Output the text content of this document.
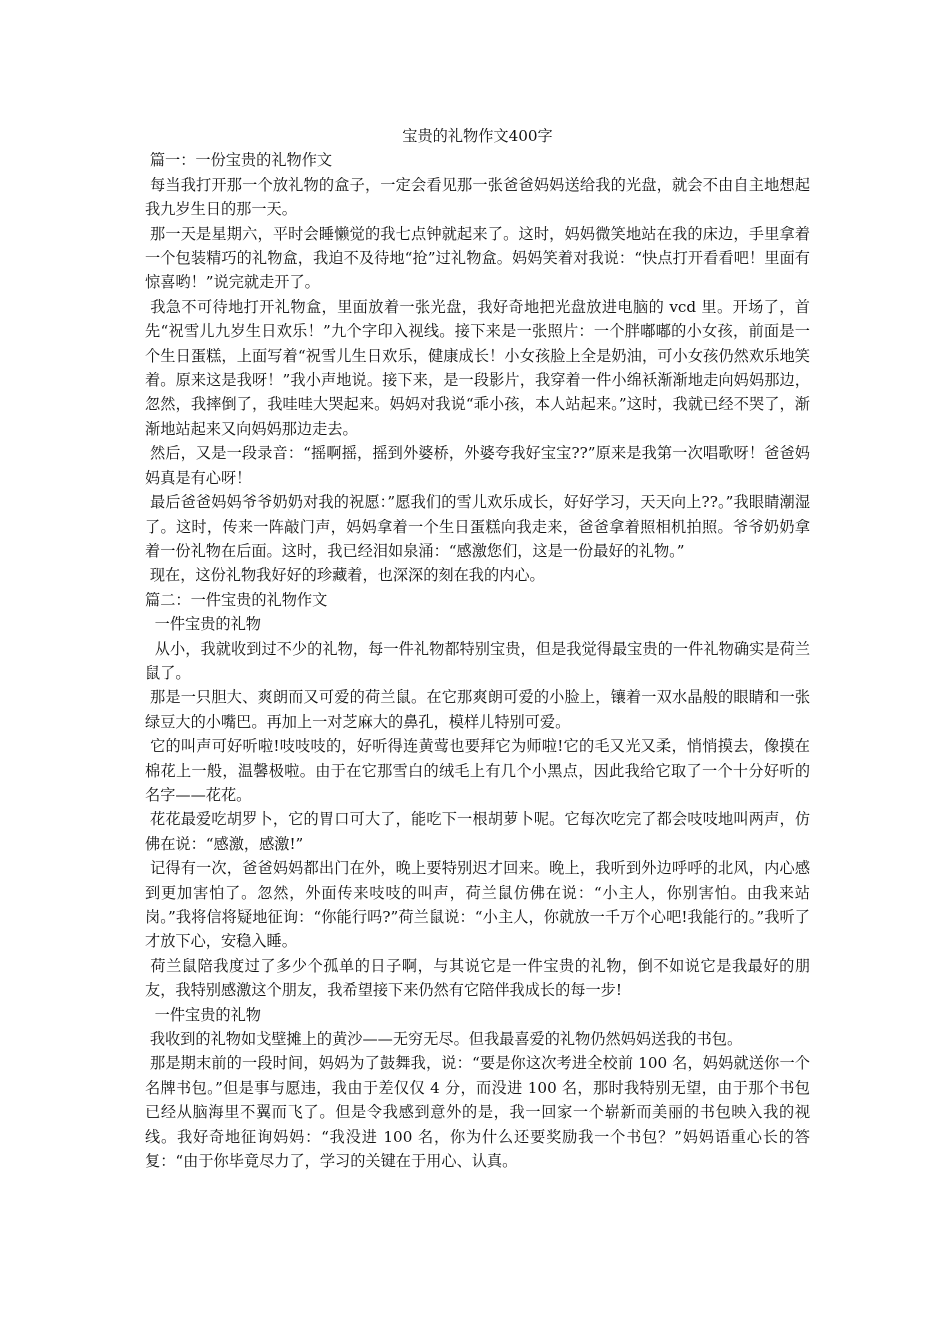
宝贵的礼物作文400字

篇一：一份宝贵的礼物作文

每当我打开那一个放礼物的盒子，一定会看见那一张爸爸妈妈送给我的光盘，就会不由自主地想起我九岁生日的那一天。

那一天是星期六，平时会睡懒觉的我七点钟就起来了。这时，妈妈微笑地站在我的床边，手里拿着一个包装精巧的礼物盒，我迫不及待地“抢”过礼物盒。妈妈笑着对我说：“快点打开看看吧！里面有惊喜哟！”说完就走开了。

我急不可待地打开礼物盒，里面放着一张光盘，我好奇地把光盘放进电脑的 vcd 里。开场了，首先“祝雪儿九岁生日欢乐！”九个字印入视线。接下来是一张照片：一个胖嘟嘟的小女孩，前面是一个生日蛋糕，上面写着“祝雪儿生日欢乐，健康成长！小女孩脸上全是奶油，可小女孩仍然欢乐地笑着。原来这是我呀！”我小声地说。接下来，是一段影片，我穿着一件小绵袄渐渐地走向妈妈那边，忽然，我摔倒了，我哇哇大哭起来。妈妈对我说“乖小孩，本人站起来。”这时，我就已经不哭了，渐渐地站起来又向妈妈那边走去。

然后，又是一段录音：“摇啊摇，摇到外婆桥，外婆夸我好宝宝??”原来是我第一次唱歌呀！爸爸妈妈真是有心呀！

最后爸爸妈妈爷爷奶奶对我的祝愿：”愿我们的雪儿欢乐成长，好好学习，天天向上??。”我眼睛潮湿了。这时，传来一阵敲门声，妈妈拿着一个生日蛋糕向我走来，爸爸拿着照相机拍照。爷爷奶奶拿着一份礼物在后面。这时，我已经泪如泉涌：“感激您们，这是一份最好的礼物。”

现在，这份礼物我好好的珍藏着，也深深的刻在我的内心。

篇二：一件宝贵的礼物作文

一件宝贵的礼物

从小，我就收到过不少的礼物，每一件礼物都特别宝贵，但是我觉得最宝贵的一件礼物确实是荷兰鼠了。

那是一只胆大、爽朗而又可爱的荷兰鼠。在它那爽朗可爱的小脸上，镶着一双水晶般的眼睛和一张绿豆大的小嘴巴。再加上一对芝麻大的鼻孔，模样儿特别可爱。

它的叫声可好听啦!吱吱吱的，好听得连黄莺也要拜它为师啦!它的毛又光又柔，悄悄摸去，像摸在棉花上一般，温馨极啦。由于在它那雪白的绒毛上有几个小黑点，因此我给它取了一个十分好听的名字——花花。

花花最爱吃胡罗卜，它的胃口可大了，能吃下一根胡萝卜呢。它每次吃完了都会吱吱地叫两声，仿佛在说：“感激，感激!”

记得有一次，爸爸妈妈都出门在外，晚上要特别迟才回来。晚上，我听到外边呼呼的北风，内心感到更加害怕了。忽然，外面传来吱吱的叫声，荷兰鼠仿佛在说：“小主人，你别害怕。由我来站岗。”我将信将疑地征询：“你能行吗?”荷兰鼠说：“小主人，你就放一千万个心吧!我能行的。”我听了才放下心，安稳入睡。

荷兰鼠陪我度过了多少个孤单的日子啊，与其说它是一件宝贵的礼物，倒不如说它是我最好的朋友，我特别感激这个朋友，我希望接下来仍然有它陪伴我成长的每一步!

一件宝贵的礼物

我收到的礼物如戈壁摊上的黄沙——无穷无尽。但我最喜爱的礼物仍然妈妈送我的书包。

那是期末前的一段时间，妈妈为了鼓舞我，说：“要是你这次考进全校前 100 名，妈妈就送你一个名牌书包。”但是事与愿违，我由于差仅仅 4 分，而没进 100 名，那时我特别无望，由于那个书包已经从脑海里不翼而飞了。但是令我感到意外的是，我一回家一个崭新而美丽的书包映入我的视线。我好奇地征询妈妈：“我没进 100 名，你为什么还要奖励我一个书包？”妈妈语重心长的答复：“由于你毕竟尽力了，学习的关键在于用心、认真。
